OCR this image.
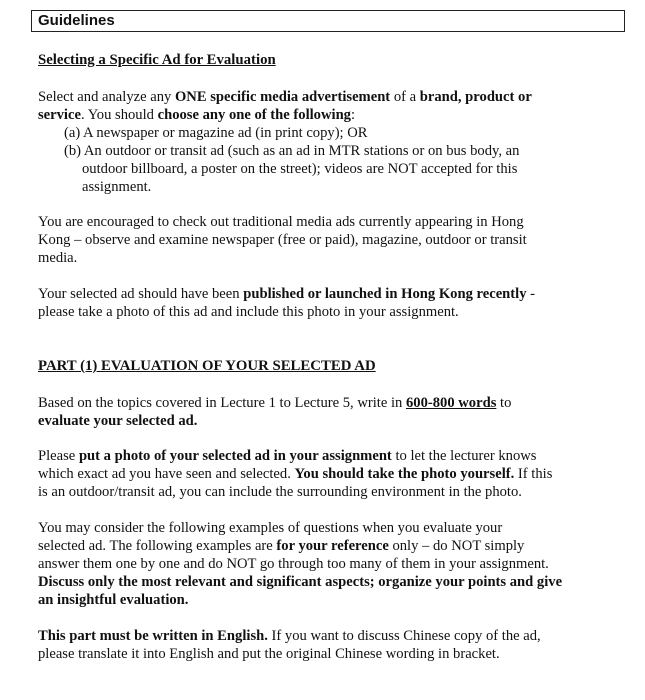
Guidelines
Selecting a Specific Ad for Evaluation
Select and analyze any ONE specific media advertisement of a brand, product or
service. You should choose any one of the following:
(a) A newspaper or magazine ad (in print copy); OR
(b) An outdoor or transit ad (such as an ad in MTR stations or on bus body, an
outdoor billboard, a poster on the street); videos are NOT accepted for this
assignment.
You are encouraged to check out traditional media ads currently appearing in Hong
Kong – observe and examine newspaper (free or paid), magazine, outdoor or transit
media.
Your selected ad should have been published or launched in Hong Kong recently -
please take a photo of this ad and include this photo in your assignment.
PART (1) EVALUATION OF YOUR SELECTED AD
Based on the topics covered in Lecture 1 to Lecture 5, write in 600-800 words to
evaluate your selected ad.
Please put a photo of your selected ad in your assignment to let the lecturer knows
which exact ad you have seen and selected. You should take the photo yourself. If this
is an outdoor/transit ad, you can include the surrounding environment in the photo.
You may consider the following examples of questions when you evaluate your
selected ad. The following examples are for your reference only – do NOT simply
answer them one by one and do NOT go through too many of them in your assignment.
Discuss only the most relevant and significant aspects; organize your points and give
an insightful evaluation.
This part must be written in English. If you want to discuss Chinese copy of the ad,
please translate it into English and put the original Chinese wording in bracket.
